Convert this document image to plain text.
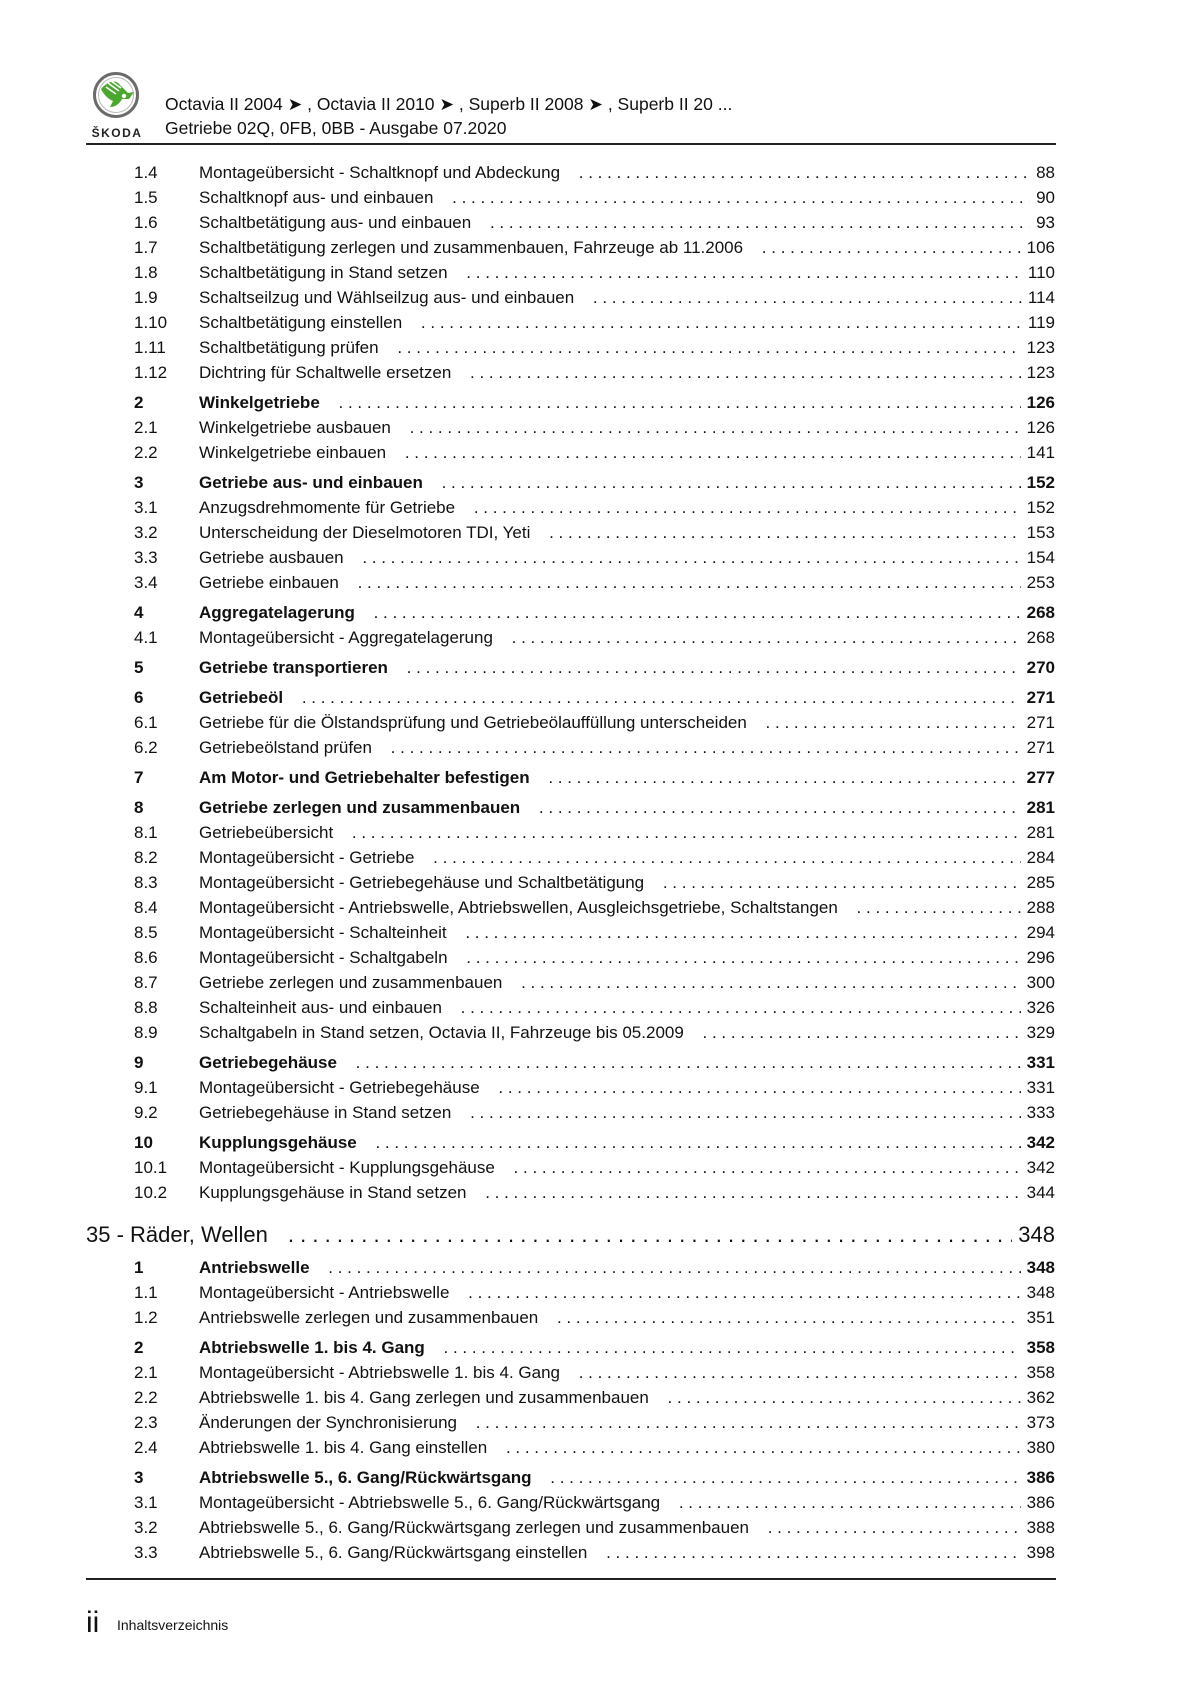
ŠKODA
Octavia II 2004 ➤ , Octavia II 2010 ➤ , Superb II 2008 ➤ , Superb II 20 ...
Getriebe 02Q, 0FB, 0BB - Ausgabe 07.2020
1.4 Montageübersicht - Schaltknopf und Abdeckung . . .	88
1.5 Schaltknopf aus- und einbauen . . .	90
1.6 Schaltbetätigung aus- und einbauen . . .	93
1.7 Schaltbetätigung zerlegen und zusammenbauen, Fahrzeuge ab 11.2006 . . .	106
1.8 Schaltbetätigung in Stand setzen . . .	110
1.9 Schaltseilzug und Wählseilzug aus- und einbauen . . .	114
1.10 Schaltbetätigung einstellen . . .	119
1.11 Schaltbetätigung prüfen . . .	123
1.12 Dichtring für Schaltwelle ersetzen . . .	123
2	Winkelgetriebe . . .	126
2.1 Winkelgetriebe ausbauen . . .	126
2.2 Winkelgetriebe einbauen . . .	141
3	Getriebe aus- und einbauen . . .	152
3.1 Anzugsdrehmomente für Getriebe . . .	152
3.2 Unterscheidung der Dieselmotoren TDI, Yeti . . .	153
3.3 Getriebe ausbauen . . .	154
3.4 Getriebe einbauen . . .	253
4	Aggregatelagerung . . .	268
4.1 Montageübersicht - Aggregatelagerung . . .	268
5	Getriebe transportieren . . .	270
6	Getriebeöl . . .	271
6.1 Getriebe für die Ölstandsprüfung und Getriebeölauffüllung unterscheiden . . .	271
6.2 Getriebeölstand prüfen . . .	271
7	Am Motor- und Getriebehalter befestigen . . .	277
8	Getriebe zerlegen und zusammenbauen . . .	281
8.1 Getriebeübersicht . . .	281
8.2 Montageübersicht - Getriebe . . .	284
8.3 Montageübersicht - Getriebegehäuse und Schaltbetätigung . . .	285
8.4 Montageübersicht - Antriebswelle, Abtriebswellen, Ausgleichsgetriebe, Schaltstangen . . .	288
8.5 Montageübersicht - Schalteinheit . . .	294
8.6 Montageübersicht - Schaltgabeln . . .	296
8.7 Getriebe zerlegen und zusammenbauen . . .	300
8.8 Schalteinheit aus- und einbauen . . .	326
8.9 Schaltgabeln in Stand setzen, Octavia II, Fahrzeuge bis 05.2009 . . .	329
9	Getriebegehäuse . . .	331
9.1 Montageübersicht - Getriebegehäuse . . .	331
9.2 Getriebegehäuse in Stand setzen . . .	333
10	Kupplungsgehäuse . . .	342
10.1 Montageübersicht - Kupplungsgehäuse . . .	342
10.2 Kupplungsgehäuse in Stand setzen . . .	344
35 - Räder, Wellen . . .	348
1	Antriebswelle . . .	348
1.1 Montageübersicht - Antriebswelle . . .	348
1.2 Antriebswelle zerlegen und zusammenbauen . . .	351
2	Abtriebswelle 1. bis 4. Gang . . .	358
2.1 Montageübersicht - Abtriebswelle 1. bis 4. Gang . . .	358
2.2 Abtriebswelle 1. bis 4. Gang zerlegen und zusammenbauen . . .	362
2.3 Änderungen der Synchronisierung . . .	373
2.4 Abtriebswelle 1. bis 4. Gang einstellen . . .	380
3	Abtriebswelle 5., 6. Gang/Rückwärtsgang . . .	386
3.1 Montageübersicht - Abtriebswelle 5., 6. Gang/Rückwärtsgang . . .	386
3.2 Abtriebswelle 5., 6. Gang/Rückwärtsgang zerlegen und zusammenbauen . . .	388
3.3 Abtriebswelle 5., 6. Gang/Rückwärtsgang einstellen . . .	398
ii Inhaltsverzeichnis
